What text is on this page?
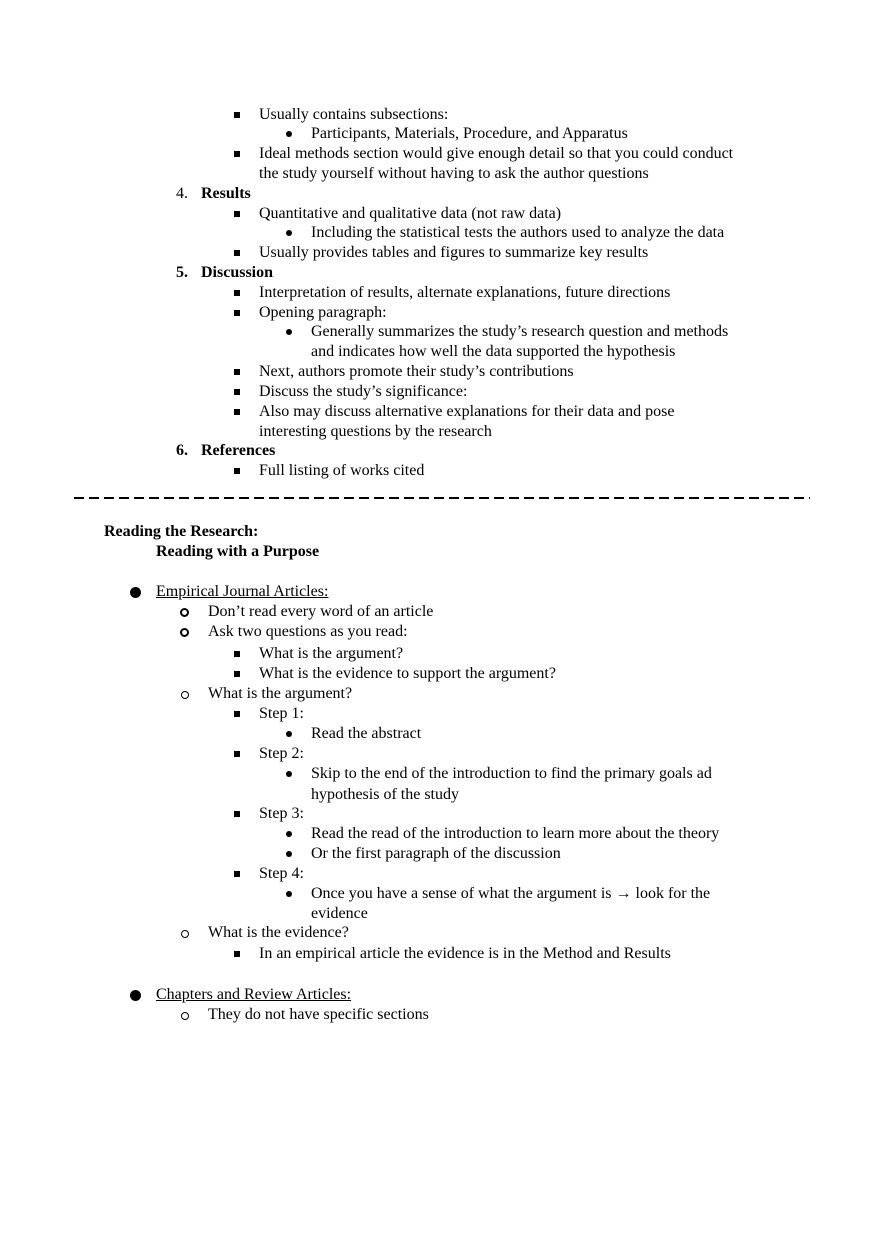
Usually contains subsections:
Participants, Materials, Procedure, and Apparatus
Ideal methods section would give enough detail so that you could conduct
the study yourself without having to ask the author questions
4. Results
Quantitative and qualitative data (not raw data)
Including the statistical tests the authors used to analyze the data
Usually provides tables and figures to summarize key results
5. Discussion
Interpretation of results, alternate explanations, future directions
Opening paragraph:
Generally summarizes the study’s research question and methods
and indicates how well the data supported the hypothesis
Next, authors promote their study’s contributions
Discuss the study’s significance:
Also may discuss alternative explanations for their data and pose
interesting questions by the research
6. References
Full listing of works cited
Reading the Research:
Reading with a Purpose
Empirical Journal Articles:
Don’t read every word of an article
Ask two questions as you read:
What is the argument?
What is the evidence to support the argument?
What is the argument?
Step 1:
Read the abstract
Step 2:
Skip to the end of the introduction to find the primary goals ad
hypothesis of the study
Step 3:
Read the read of the introduction to learn more about the theory
Or the first paragraph of the discussion
Step 4:
Once you have a sense of what the argument is → look for the
evidence
What is the evidence?
In an empirical article the evidence is in the Method and Results
Chapters and Review Articles:
They do not have specific sections
